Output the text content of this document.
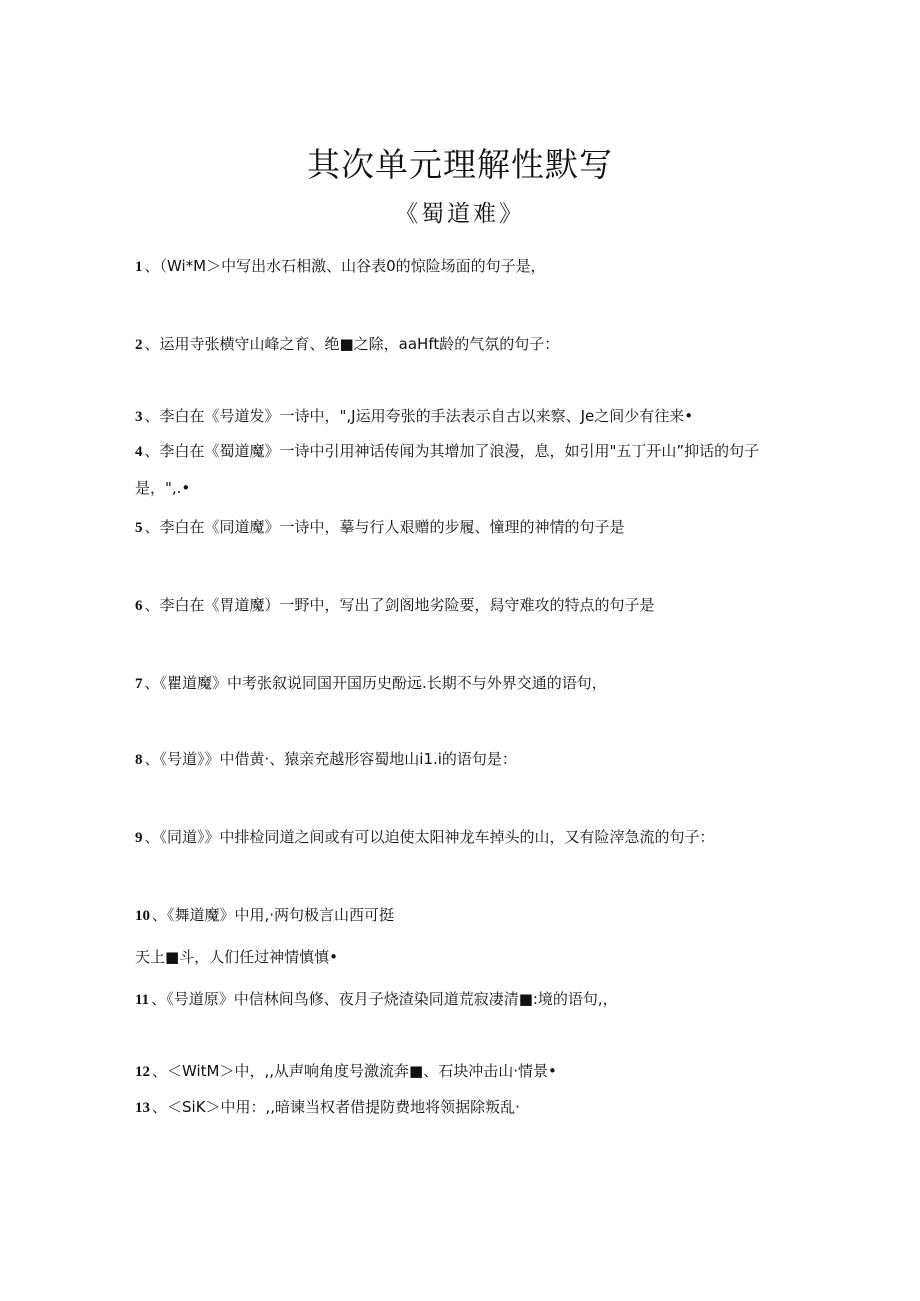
其次单元理解性默写
《蜀道难》
1 、（Wi*M＞中写出水石相激、山谷表0的惊险场面的句子是，
2 、运用寺张横守山峰之育、绝■之除，aaHft龄的气氛的句子：
3 、李白在《号道发》一诗中，",J运用夸张的手法表示自古以来察、Je之间少有往来•
4 、李白在《蜀道魔》一诗中引用神话传闻为其增加了浪漫，息，如引用"五丁开山”抑话的句子是，",.•
5 、李白在《同道魔》一诗中，摹与行人艰赠的步履、憧理的神情的句子是
6 、李白在《胃道魔）一野中，写出了剑阁地劣险要，舄守难攻的特点的句子是
7 、《瞿道魔》中考张叙说同国开国历史酚远.长期不与外界交通的语句，
8 、《号道》》中借黄·、猿亲充越形容蜀地山i1.i的语句是：
9 、《同道》》中排检同道之间或有可以迫使太阳神龙车掉头的山，又有险滓急流的句子：
10 、《舞道魔》中用,·两句极言山西可挺
天上■斗，人们任过神情慎慎•
11 、《号道原》中信林间鸟修、夜月子烧渣染同道荒寂凄清■:境的语句,，
12 、＜WitM＞中，,,从声响角度号激流奔■、石块冲击山·情景•
13 、＜SiK＞中用：,,暗谏当权者借提防费地将领据除叛乱·
